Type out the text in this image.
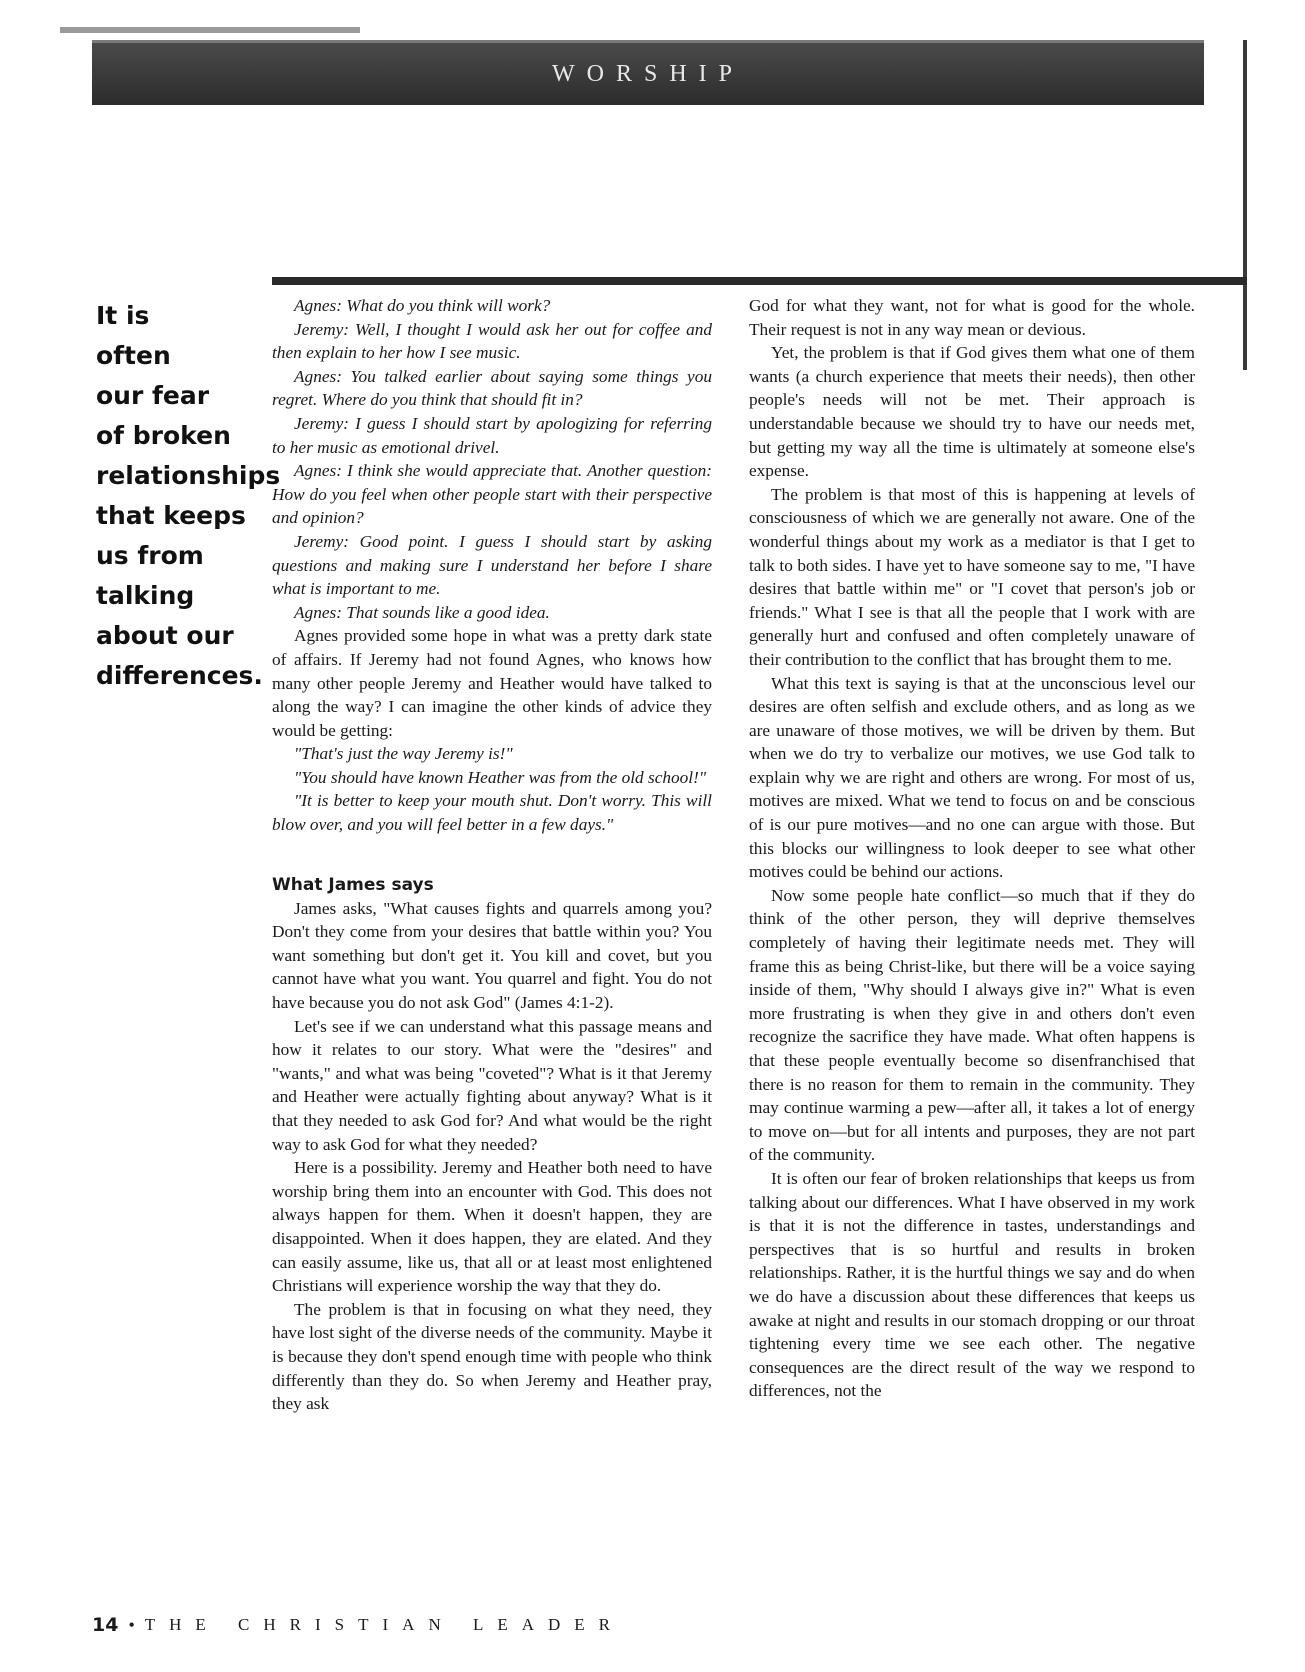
WORSHIP
It is
often
our fear
of broken
relationships
that keeps
us from
talking
about our
differences.

Agnes: What do you think will work?

Jeremy: Well, I thought I would ask her out for coffee and then explain to her how I see music.

Agnes: You talked earlier about saying some things you regret. Where do you think that should fit in?

Jeremy: I guess I should start by apologizing for referring to her music as emotional drivel.

Agnes: I think she would appreciate that. Another question: How do you feel when other people start with their perspective and opinion?

Jeremy: Good point. I guess I should start by asking questions and making sure I understand her before I share what is important to me.

Agnes: That sounds like a good idea.

Agnes provided some hope in what was a pretty dark state of affairs. If Jeremy had not found Agnes, who knows how many other people Jeremy and Heather would have talked to along the way? I can imagine the other kinds of advice they would be getting:

"That's just the way Jeremy is!"

"You should have known Heather was from the old school!"

"It is better to keep your mouth shut. Don't worry. This will blow over, and you will feel better in a few days."

What James says

James asks, "What causes fights and quarrels among you? Don't they come from your desires that battle within you? You want something but don't get it. You kill and covet, but you cannot have what you want. You quarrel and fight. You do not have because you do not ask God" (James 4:1-2).

Let's see if we can understand what this passage means and how it relates to our story. What were the "desires" and "wants," and what was being "coveted"? What is it that Jeremy and Heather were actually fighting about anyway? What is it that they needed to ask God for? And what would be the right way to ask God for what they needed?

Here is a possibility. Jeremy and Heather both need to have worship bring them into an encounter with God. This does not always happen for them. When it doesn't happen, they are disappointed. When it does happen, they are elated. And they can easily assume, like us, that all or at least most enlightened Christians will experience worship the way that they do.

The problem is that in focusing on what they need, they have lost sight of the diverse needs of the community. Maybe it is because they don't spend enough time with people who think differently than they do. So when Jeremy and Heather pray, they ask

God for what they want, not for what is good for the whole. Their request is not in any way mean or devious.

Yet, the problem is that if God gives them what one of them wants (a church experience that meets their needs), then other people's needs will not be met. Their approach is understandable because we should try to have our needs met, but getting my way all the time is ultimately at someone else's expense.

The problem is that most of this is happening at levels of consciousness of which we are generally not aware. One of the wonderful things about my work as a mediator is that I get to talk to both sides. I have yet to have someone say to me, "I have desires that battle within me" or "I covet that person's job or friends." What I see is that all the people that I work with are generally hurt and confused and often completely unaware of their contribution to the conflict that has brought them to me.

What this text is saying is that at the unconscious level our desires are often selfish and exclude others, and as long as we are unaware of those motives, we will be driven by them. But when we do try to verbalize our motives, we use God talk to explain why we are right and others are wrong. For most of us, motives are mixed. What we tend to focus on and be conscious of is our pure motives—and no one can argue with those. But this blocks our willingness to look deeper to see what other motives could be behind our actions.

Now some people hate conflict—so much that if they do think of the other person, they will deprive themselves completely of having their legitimate needs met. They will frame this as being Christ-like, but there will be a voice saying inside of them, "Why should I always give in?" What is even more frustrating is when they give in and others don't even recognize the sacrifice they have made. What often happens is that these people eventually become so disenfranchised that there is no reason for them to remain in the community. They may continue warming a pew—after all, it takes a lot of energy to move on—but for all intents and purposes, they are not part of the community.

It is often our fear of broken relationships that keeps us from talking about our differences. What I have observed in my work is that it is not the difference in tastes, understandings and perspectives that is so hurtful and results in broken relationships. Rather, it is the hurtful things we say and do when we do have a discussion about these differences that keeps us awake at night and results in our stomach dropping or our throat tightening every time we see each other. The negative consequences are the direct result of the way we respond to differences, not the

14 • THE CHRISTIAN LEADER
